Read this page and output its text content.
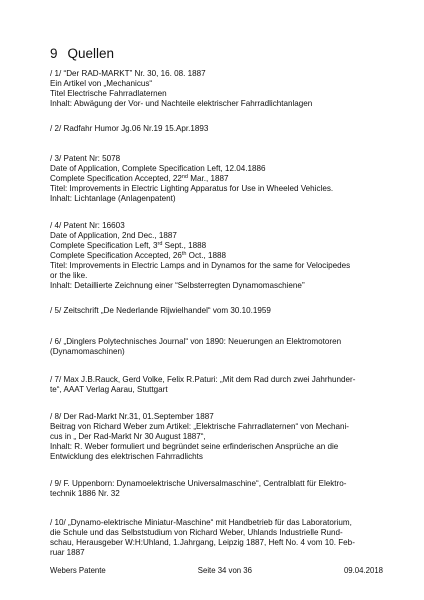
9 Quellen
/ 1/ “Der RAD-MARKT” Nr. 30, 16. 08. 1887
Ein Artikel von „Mechanicus“
Titel Electrische Fahrradlaternen
Inhalt: Abwägung der Vor- und Nachteile elektrischer Fahrradlichtanlagen
/ 2/ Radfahr Humor Jg.06 Nr.19 15.Apr.1893
/ 3/ Patent Nr: 5078
Date of Application, Complete Specification Left, 12.04.1886
Complete Specification Accepted, 22nd Mar., 1887
Titel: Improvements in Electric Lighting Apparatus for Use in Wheeled Vehicles.
Inhalt: Lichtanlage (Anlagenpatent)
/ 4/ Patent Nr: 16603
Date of Application, 2nd Dec., 1887
Complete Specification Left, 3rd Sept., 1888
Complete Specification Accepted, 26th Oct., 1888
Titel: Improvements in Electric Lamps and in Dynamos for the same for Velocipedes
or the like.
Inhalt: Detaillierte Zeichnung einer “Selbsterregten Dynamomaschiene”
/ 5/ Zeitschrift „De Nederlande Rijwielhandel“ vom 30.10.1959
/ 6/ „Dinglers Polytechnisches Journal“ von 1890: Neuerungen an Elektromotoren
(Dynamomaschinen)
/ 7/ Max J.B.Rauck, Gerd Volke, Felix R.Paturi: „Mit dem Rad durch zwei Jahrhunder-
te“, AAAT Verlag Aarau, Stuttgart
/ 8/ Der Rad-Markt Nr.31, 01.September 1887
Beitrag von Richard Weber zum Artikel: „Elektrische Fahrradlaternen“ von Mechani-
cus in „ Der Rad-Markt Nr 30 August 1887“,
Inhalt: R. Weber formuliert und begründet seine erfinderischen Ansprüche an die
Entwicklung des elektrischen Fahrradlichts
/ 9/ F. Uppenborn: Dynamoelektrische Universalmaschine“, Centralblatt für Elektro-
technik 1886 Nr. 32
/ 10/ „Dynamo-elektrische Miniatur-Maschine“ mit Handbetrieb für das Laboratorium,
die Schule und das Selbststudium von Richard Weber, Uhlands Industrielle Rund-
schau, Herausgeber W:H:Uhland, 1.Jahrgang, Leipzig 1887, Heft No. 4 vom 10. Feb-
ruar 1887
Webers Patente	Seite 34 von 36	09.04.2018
